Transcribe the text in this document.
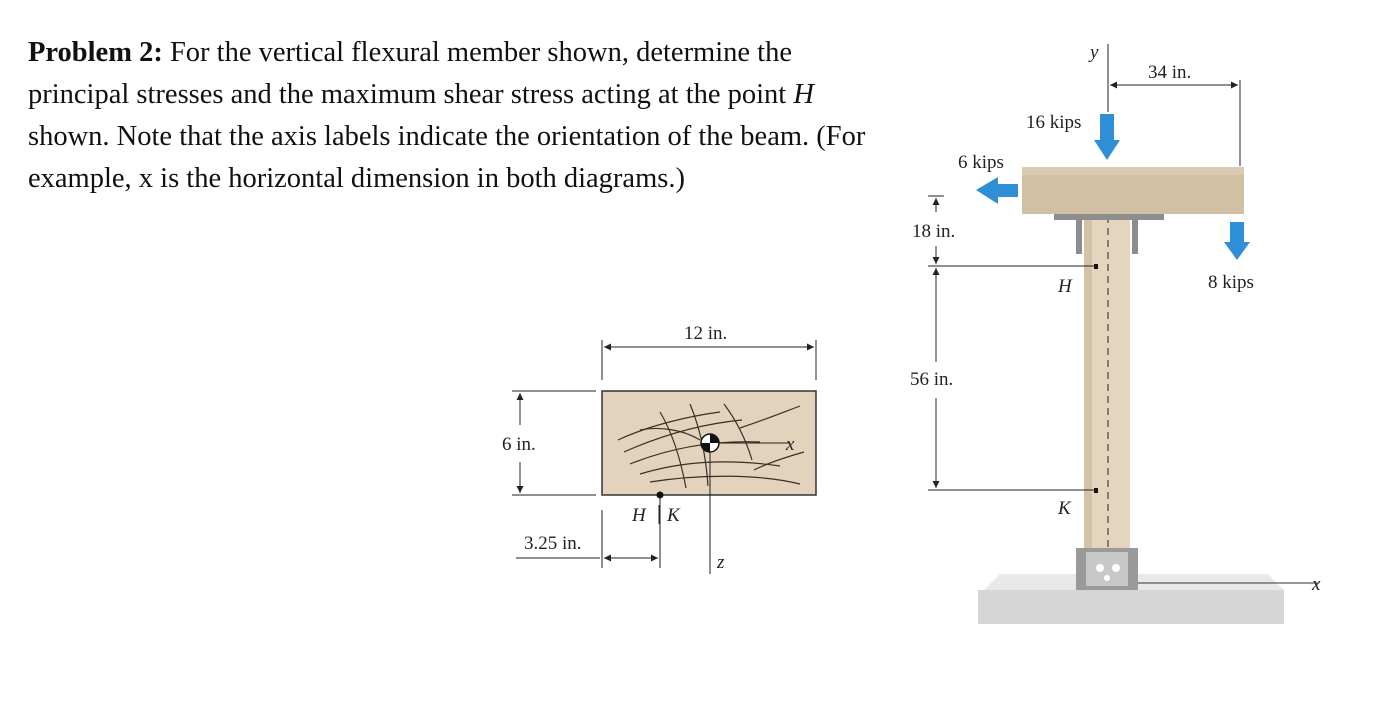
Problem 2: For the vertical flexural member shown, determine the principal stresses and the maximum shear stress acting at the point H shown. Note that the axis labels indicate the orientation of the beam. (For example, x is the horizontal dimension in both diagrams.)
x
z
12 in.
6 in.
3.25 in.
H K
x
y
34 in.
16 kips
6 kips
8 kips
18 in.
56 in.
H
K
